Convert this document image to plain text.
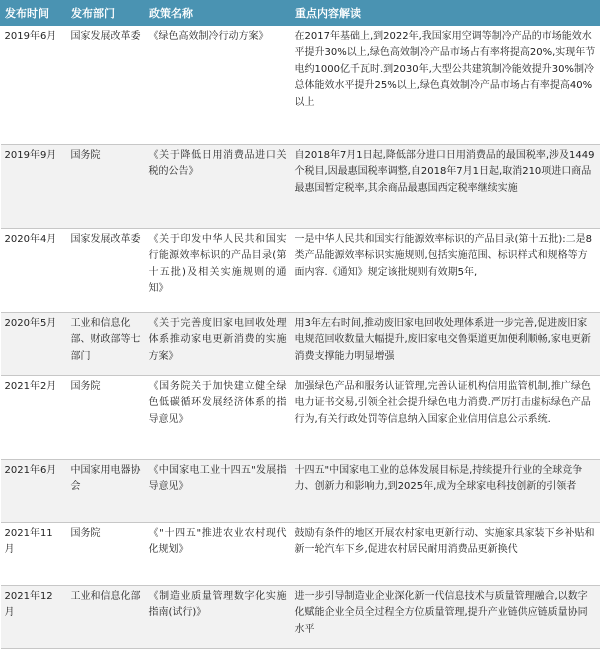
发布时间	发布部门	政策名称	重点内容解读
2019年6月	国家发展改革委	《绿色高效制冷行动方案》	在2017年基础上,到2022年,我国家用空调等制冷产品的市场能效水平提升30%以上,绿色高效制冷产品市场占有率将提高20%,实现年节电约1000亿千瓦时.到2030年,大型公共建筑制冷能效提升30%制冷总体能效水平提升25%以上,绿色真效制冷产品市场占有率提高40%以上
2019年9月	国务院	《关于降低日用消费品进口关税的公告》	自2018年7月1日起,降低部分进口日用消费品的最国税率,涉及1449个税目,因最惠国税率调整,自2018年7月1日起,取消210项进口商品最惠国暂定税率,其余商品最惠国西定税率继续实施
2020年4月	国家发展改革委	《关于印发中华人民共和国实行能源效率标识的产品目录(第十五批)及相关实施规则的通知》	一是中华人民共和国实行能源效率标识的产品目录(第十五批):二是8类产品能源效率标识实施规则,包括实施范围、标识样式和规格等方面内容.《通知》规定该批规则有效期5年,
2020年5月	工业和信息化部、财政部等七部门	《关于完善度旧家电回收处理体系推动家电更新消费的实施方案》	用3年左右时间,推动废旧家电回收处理体系进一步完善,促进废旧家电规范回收数量大幅提升,废旧家电交鲁渠道更加便利顺畅,家电更新消费支撑能力明显增强
2021年2月	国务院	《国务院关于加快建立健全绿色低碳循环发展经济体系的指导意见》	加强绿色产品和服务认证管理,完善认证机构信用监管机制,推广绿色电力证书交易,引领全社会提升绿色电力消费.严厉打击虚标绿色产品行为,有关行政处罚等信息纳入国家企业信用信息公示系统.
2021年6月	中国家用电器协会	《中国家电工业十四五"发展指导意见》	十四五"中国家电工业的总体发展目标是,持续提升行业的全球竞争力、创新力和影响力,到2025年,成为全球家电科技创新的引领者
2021年11月	国务院	《"十四五"推进农业农村现代化规划》	鼓励有条件的地区开展农村家电更新行动、实施家具家装下乡补贴和新一轮汽车下乡,促进农村居民耐用消费品更新换代
2021年12月	工业和信息化部	《制造业质量管理数字化实施指南(试行)》	进一步引导制造业企业深化新一代信息技术与质量管理融合,以数字化赋能企业全员全过程全方位质量管理,提升产业链供应链质量协同水平
